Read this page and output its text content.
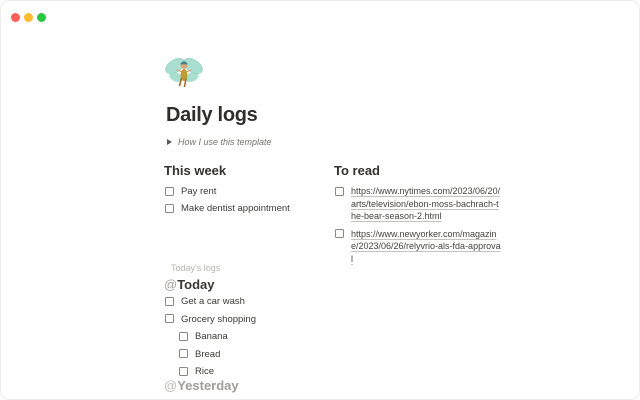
Daily logs
How I use this template
This week
Pay rent
Make dentist appointment
To read
https://www.nytimes.com/2023/06/20/arts/television/ebon-moss-bachrach-the-bear-season-2.html
https://www.newyorker.com/magazine/2023/06/26/relyvrio-als-fda-approval
Today's logs
@Today
Get a car wash
Grocery shopping
Banana
Bread
Rice
@Yesterday
